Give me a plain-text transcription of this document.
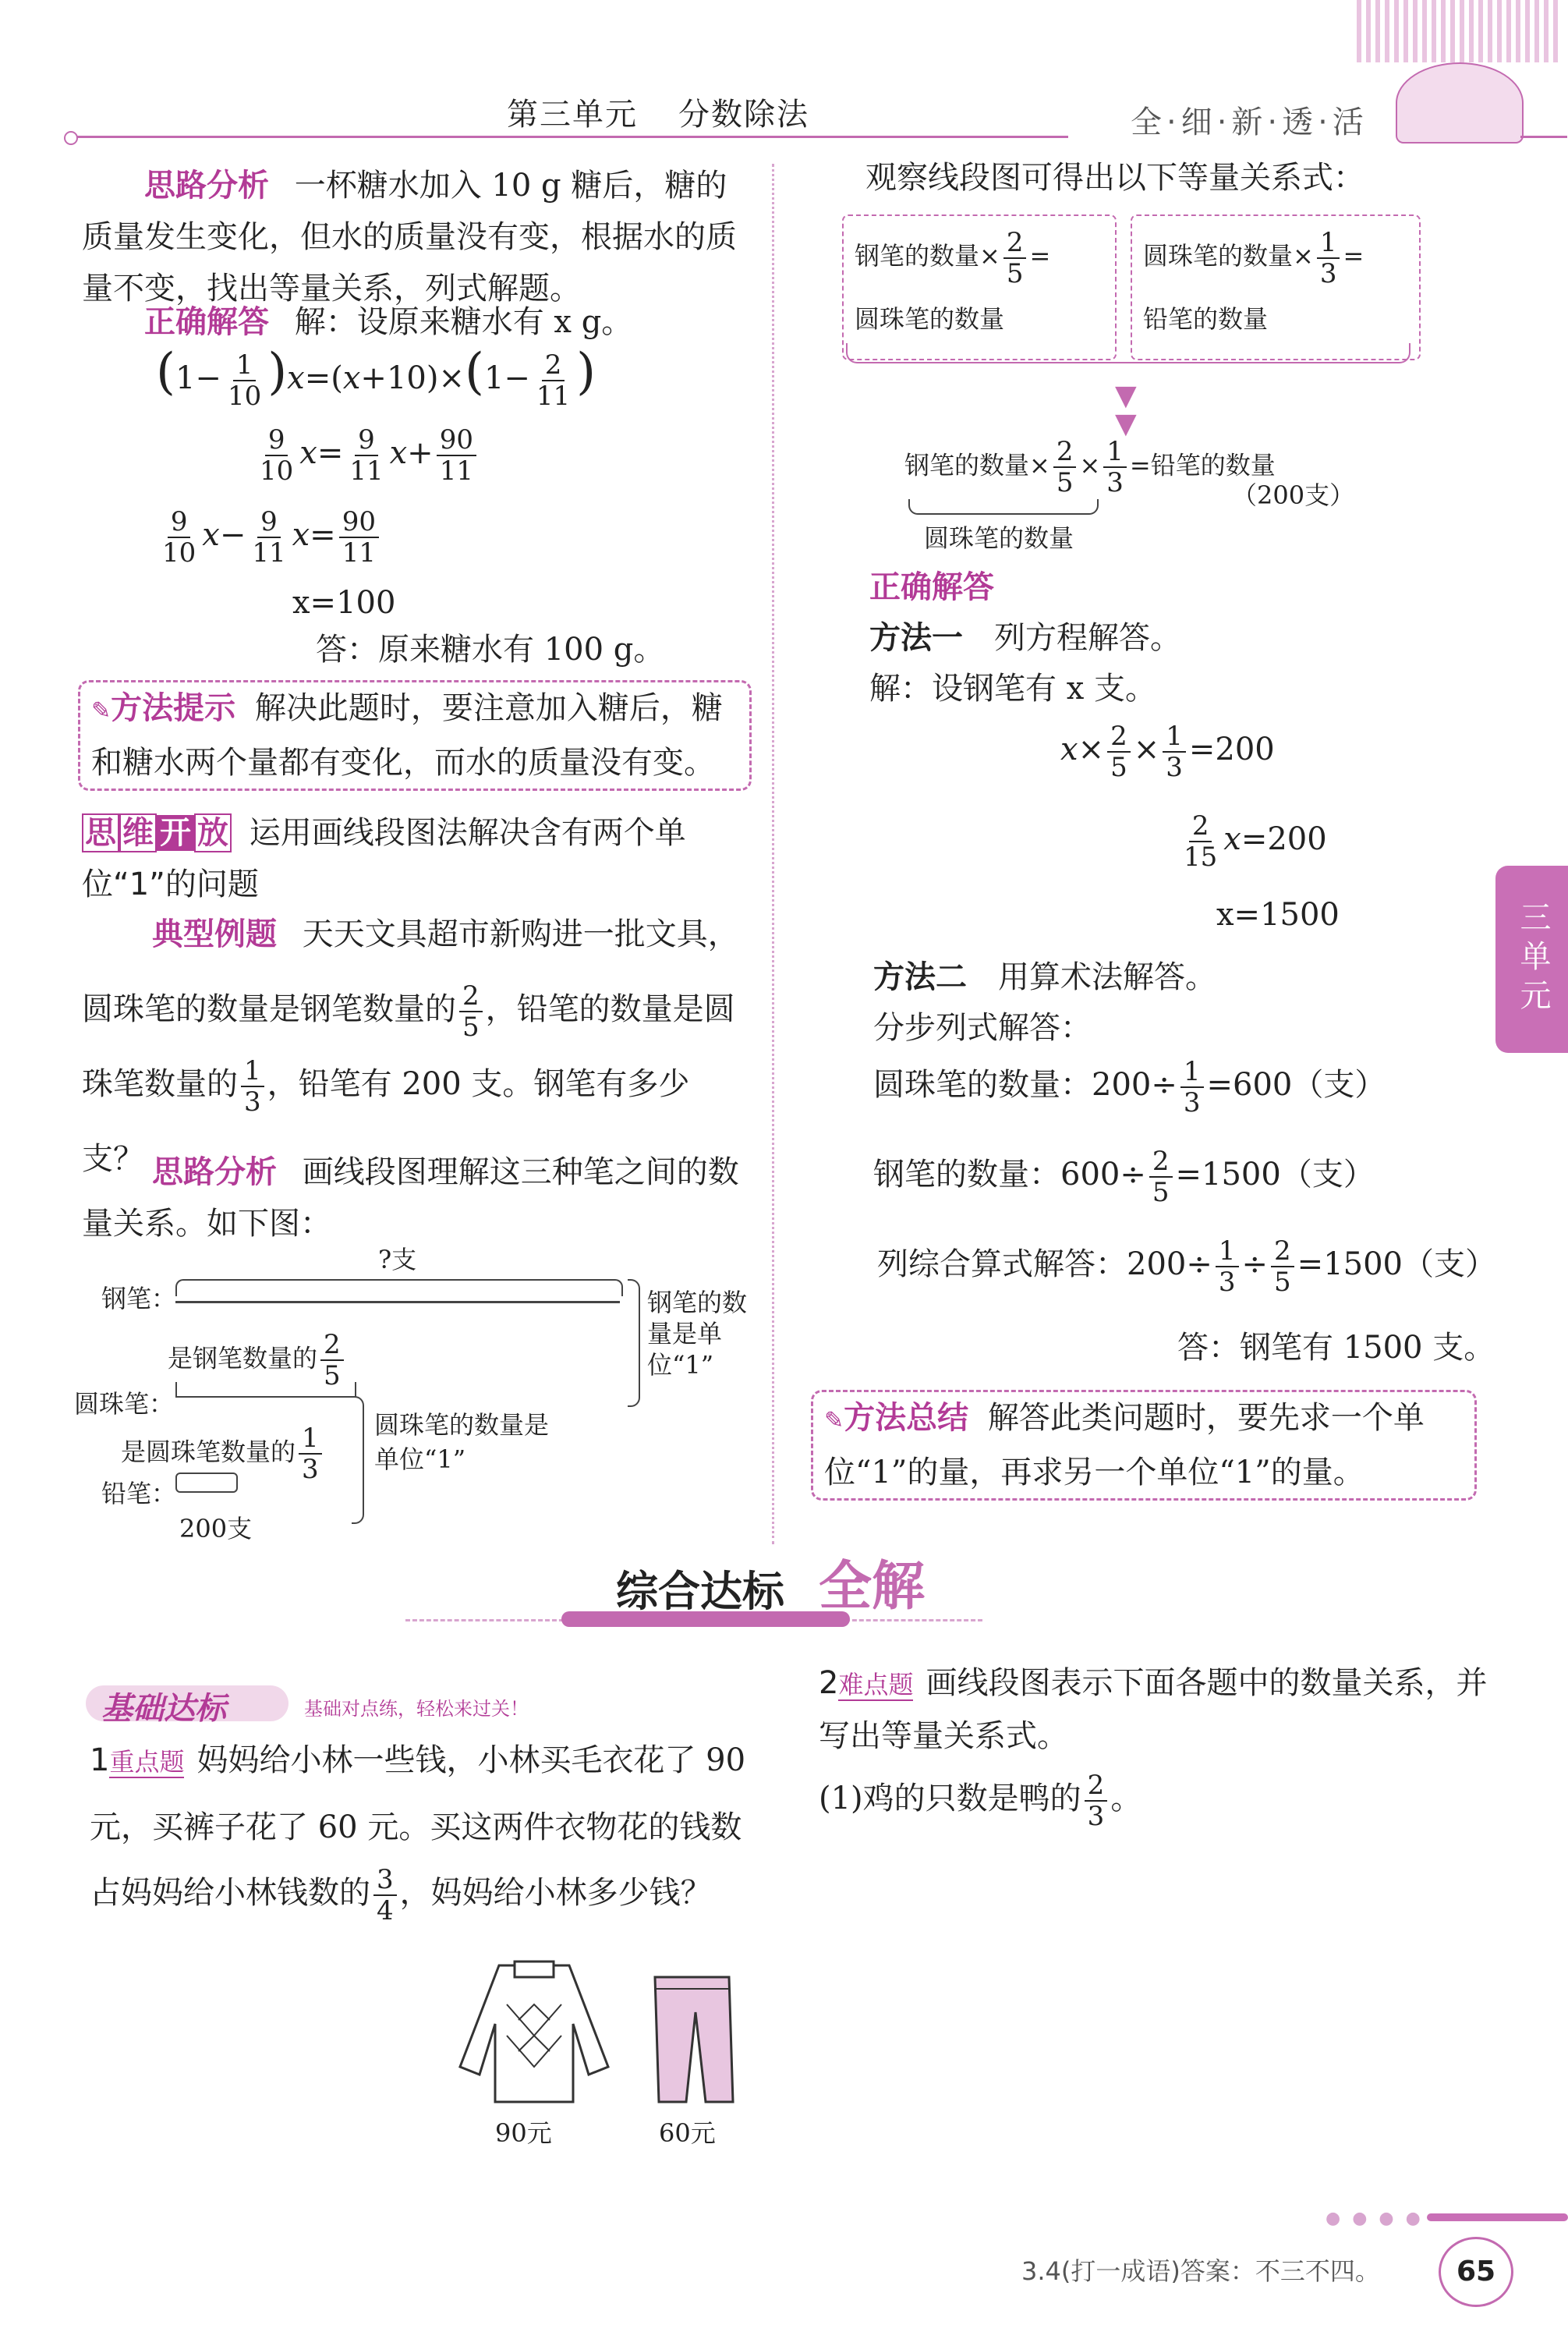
第三单元 分数除法	全·细·新·透·活
三单元
思路分析 一杯糖水加入 10 g 糖后，糖的质量发生变化，但水的质量没有变，根据水的质量不变，找出等量关系，列式解题。
正确解答 解：设原来糖水有 x g。
$(1- \frac{1}{10} )x=(x+10)\times(1- \frac{2}{11}$ )
$\frac{9}{10} x= \frac{9}{11} x+ \frac{90}{11}$
$\frac{9}{10} x- \frac{9}{11} x= \frac{90}{11}$
x=100
答：原来糖水有 100 g。
✎方法提示 解决此题时，要注意加入糖后，糖和糖水两个量都有变化，而水的质量没有变。
思 维 开 放 运用画线段图法解决含有两个单位“1”的问题
典型例题 天天文具超市新购进一批文具，圆珠笔的数量是钢笔数量的 $\frac{2}{5}$ ，铅笔的数量是圆珠笔数量的 $\frac{1}{3}$ ，铅笔有 200 支。钢笔有多少支？ 思路分析 画线段图理解这三种笔之间的数量关系。如下图：
?支
钢笔：
是钢笔数量的 $\frac{2}{5}$
圆珠笔：
是圆珠笔数量的 $\frac{1}{3}$
铅笔：
200支
钢笔的数量是单位“1”
圆珠笔的数量是单位“1”
观察线段图可得出以下等量关系式：
钢笔的数量× $\frac{2}{5}$ =
圆珠笔的数量
圆珠笔的数量× $\frac{1}{3}$ =
铅笔的数量
▼
▼
钢笔的数量× $\frac{2}{5} \times \frac{1}{3}$ =铅笔的数量
（200支）
圆珠笔的数量
正确解答
方法一 列方程解答。
解：设钢笔有 x 支。
$x\times \frac{2}{5} \times \frac{1}{3} =200$
$\frac{2}{15} x=200$
x=1500
方法二 用算术法解答。
分步列式解答：
圆珠笔的数量：$200\div \frac{1}{3} =600$（支）
钢笔的数量：$600\div \frac{2}{5} =1500$（支）
列综合算式解答：$200\div \frac{1}{3} \div \frac{2}{5} =1500$（支）
答：钢笔有 1500 支。
✎方法总结 解答此类问题时，要先求一个单位“1”的量，再求另一个单位“1”的量。
综合达标 全解
基础达标	基础对点练，轻松来过关！
1重点题 妈妈给小林一些钱，小林买毛衣花了 90 元，买裤子花了 60 元。买这两件衣物花的钱数占妈妈给小林钱数的 $\frac{3}{4}$ ，妈妈给小林多少钱？
90元	60元
2难点题 画线段图表示下面各题中的数量关系，并写出等量关系式。
(1)鸡的只数是鸭的 $\frac{2}{3}$ 。
● ● ● ●
3.4(打一成语)答案：不三不四。	65
